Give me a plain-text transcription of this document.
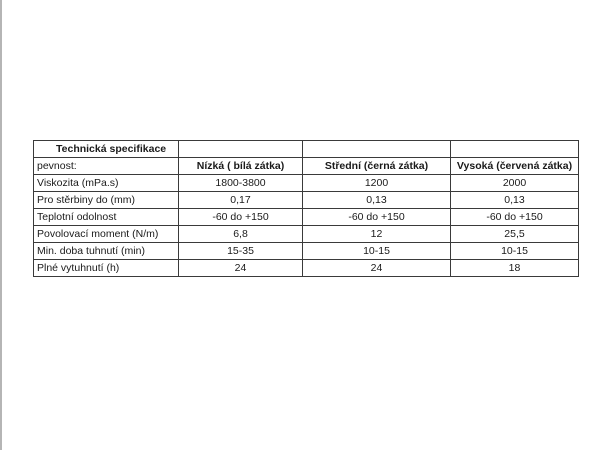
Technická specifikace			
pevnost:	Nízká ( bílá zátka)	Střední (černá zátka)	Vysoká (červená zátka)
Viskozita (mPa.s)	1800-3800	1200	2000
Pro stěrbiny do (mm)	0,17	0,13	0,13
Teplotní odolnost	-60 do +150	-60 do +150	-60 do +150
Povolovací moment (N/m)	6,8	12	25,5
Min. doba tuhnutí (min)	15-35	10-15	10-15
Plné vytuhnutí (h)	24	24	18
